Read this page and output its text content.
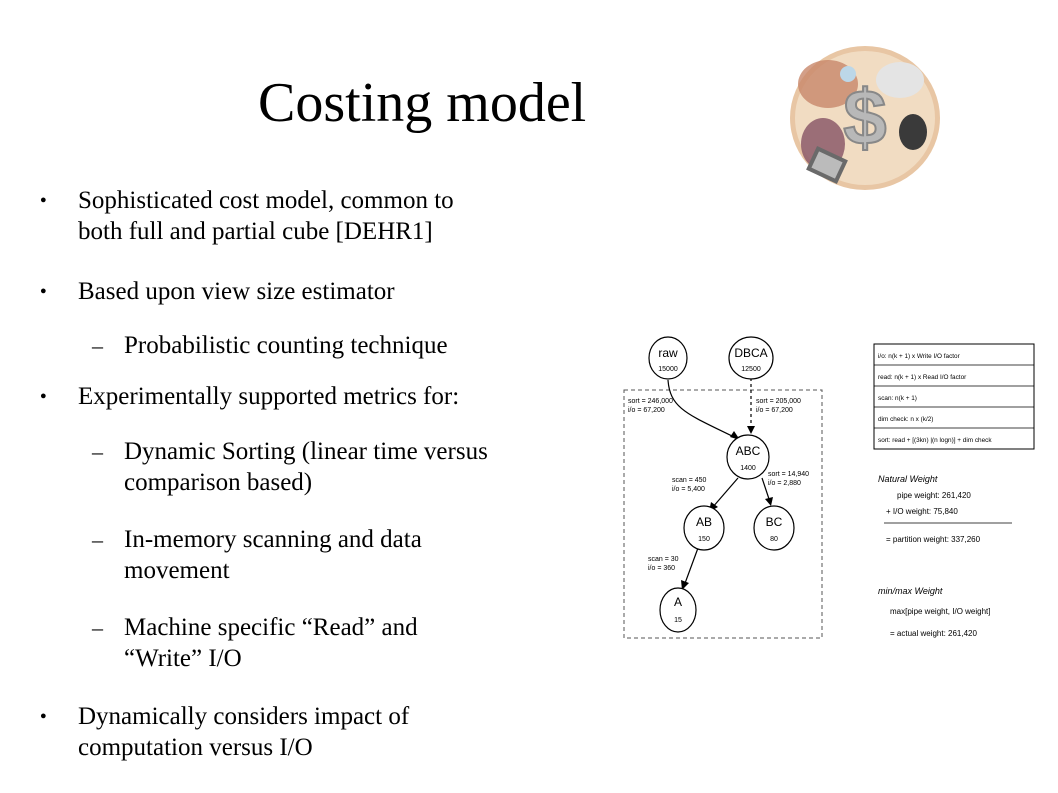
Costing model
● Sophisticated cost model, common to
both full and partial cube [DEHR1]
● Based upon view size estimator
– Probabilistic counting technique
● Experimentally supported metrics for:
– Dynamic Sorting (linear time versus
comparison based)
– In-memory scanning and data
movement
– Machine specific “Read” and
“Write” I/O
● Dynamically considers impact of
computation versus I/O
$
raw
15000
DBCA
12500
ABC
1400
AB
150
BC
80
A
15
sort = 246,000
i/o = 67,200
sort = 205,000
i/o = 67,200
scan = 450
i/o = 5,400
sort = 14,940
i/o = 2,880
scan = 30
i/o = 360
i/o: n(k + 1) x Write I/O factor
read: n(k + 1) x Read I/O factor
scan: n(k + 1)
dim check: n x (k/2)
sort: read + [(3kn) |(n logn)] + dim check
Natural Weight
pipe weight: 261,420
+ I/O weight: 75,840
= partition weight: 337,260
min/max Weight
max[pipe weight, I/O weight]
= actual weight: 261,420
